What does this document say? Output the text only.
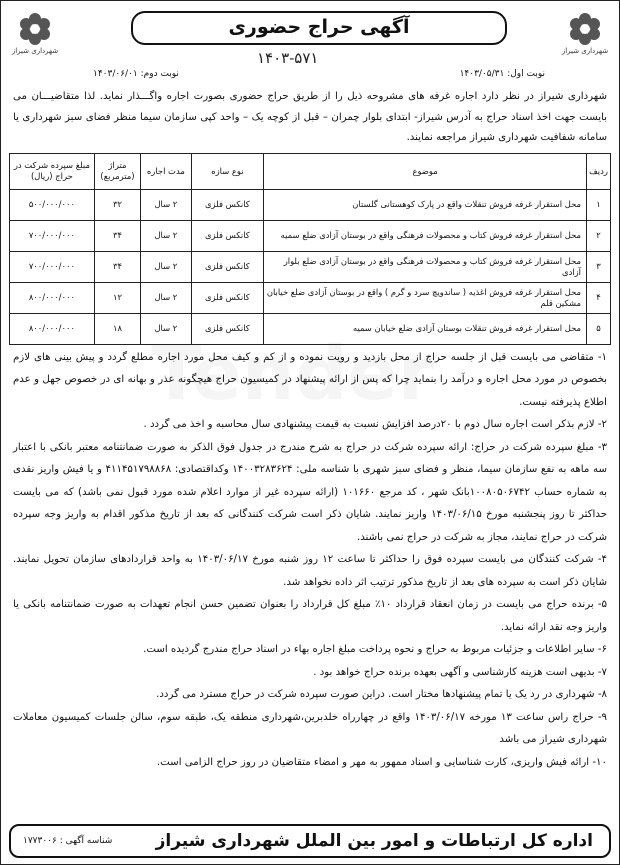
شهرداری شیراز
شهرداری شیراز
آگهی حراج حضوری
۱۴۰۳-۵۷۱
نوبت اول: ۱۴۰۳/۰۵/۳۱
نوبت دوم: ۱۴۰۳/۰۶/۰۱

شهرداری شیراز در نظر دارد اجاره غرفه های مشروحه ذیل را از طریق حراج حضوری بصورت اجاره واگـــذار نماید. لذا متقاضیـــان می بایست جهت اخذ اسناد حراج به آدرس شیراز- ابتدای بلوار چمران – قبل از کوچه یک – واحد کپی سازمان سیما منظر فضای سبز شهرداری یا سامانه شفافیت شهرداری شیراز مراجعه نمایند.

ردیف	موضوع	نوع سازه	مدت اجاره	متراژ (مترمربع)	مبلغ سپرده شرکت در حراج (ریال)
۱	محل استقرار غرفه فروش تنقلات واقع در پارک کوهستانی گلستان	کانکس فلزی	۲ سال	۳۲	۵۰۰/۰۰۰/۰۰۰
۲	محل استقرار غرفه فروش کتاب و محصولات فرهنگی واقع در بوستان آزادی ضلع سمیه	کانکس فلزی	۲ سال	۳۴	۷۰۰/۰۰۰/۰۰۰
۳	محل استقرار غرفه فروش کتاب و محصولات فرهنگی واقع در بوستان آزادی ضلع بلوار آزادی	کانکس فلزی	۲ سال	۳۴	۷۰۰/۰۰۰/۰۰۰
۴	محل استقرار غرفه فروش اغذیه ( ساندویچ سرد و گرم ) واقع در بوستان آزادی ضلع خیابان مشکین قلم	کانکس فلزی	۲ سال	۱۲	۸۰۰/۰۰۰/۰۰۰
۵	محل استقرار غرفه فروش تنقلات بوستان آزادی ضلع خیابان سمیه	کانکس فلزی	۲ سال	۱۸	۸۰۰/۰۰۰/۰۰۰

۱- متقاضی می بایست قبل از جلسه حراج از محل بازدید و رویت نموده و از کم و کیف محل مورد اجاره مطلع گردد و پیش بینی های لازم بخصوص در مورد محل اجاره و درآمد را بنماید چرا که پس از ارائه پیشنهاد در کمیسیون حراج هیچگونه عذر و بهانه ای در خصوص جهل و عدم اطلاع پذیرفته نیست.

۲- لازم بذکر است اجاره سال دوم با ۲۰درصد افزایش نسبت به قیمت پیشنهادی سال محاسبه و اخذ می گردد .

۳- مبلغ سپرده شرکت در حراج: ارائه سپرده شرکت در حراج به شرح مندرج در جدول فوق الذکر به صورت ضمانتنامه معتبر بانکی با اعتبار سه ماهه به نفع سازمان سیما، منظر و فضای سبز شهری با شناسه ملی: ۱۴۰۰۳۲۸۳۶۲۴ وکداقتصادی: ۴۱۱۴۵۱۷۹۸۸۶۸ و یا فیش واریز نقدی به شماره حساب ۱۰۰۸۰۵۰۶۷۴۲بانک شهر ، کد مرجع ۱۰۱۶۶۰ (ارائه سپرده غیر از موارد اعلام شده مورد قبول نمی باشد) که می بایست حداکثر تا روز پنجشنبه مورخ ۱۴۰۳/۰۶/۱۵ واریز نمایند. شایان ذکر است شرکت کنندگانی که بعد از تاریخ مذکور اقدام به واریز وجه سپرده شرکت در حراج نمایند، مجاز به شرکت در حراج نمی باشند.

۴- شرکت کنندگان می بایست سپرده فوق را حداکثر تا ساعت ۱۲ روز شنبه مورخ ۱۴۰۳/۰۶/۱۷ به واحد قراردادهای سازمان تحویل نمایند. شایان ذکر است به سپرده های بعد از تاریخ مذکور ترتیب اثر داده نخواهد شد.

۵- برنده حراج می بایست در زمان انعقاد قرارداد ۱۰٪ مبلغ کل قرارداد را بعنوان تضمین حسن انجام تعهدات به صورت ضمانتنامه بانکی یا واریز وجه نقد ارائه نماید.

۶- سایر اطلاعات و جزئیات مربوط به حراج و نحوه پرداخت مبلغ اجاره بهاء در اسناد حراج مندرج گردیده است.

۷- بدیهی است هزینه کارشناسی و آگهی بعهده برنده حراج خواهد بود .

۸- شهرداری در رد یک یا تمام پیشنهادها مختار است. دراین صورت سپرده شرکت در حراج مسترد می گردد.

۹- حراج راس ساعت ۱۳ مورخه ۱۴۰۳/۰۶/۱۷ واقع در چهارراه خلدبرین،شهرداری منطقه یک، طبقه سوم، سالن جلسات کمیسیون معاملات شهرداری شیراز می باشد

۱۰- ارائه فیش واریزی، کارت شناسایی و اسناد ممهور به مهر و امضاء متقاضیان در روز حراج الزامی است.

اداره کل ارتباطات و امور بین الملل شهرداری شیراز
شناسه آگهی : ۱۷۷۳۰۰۶
